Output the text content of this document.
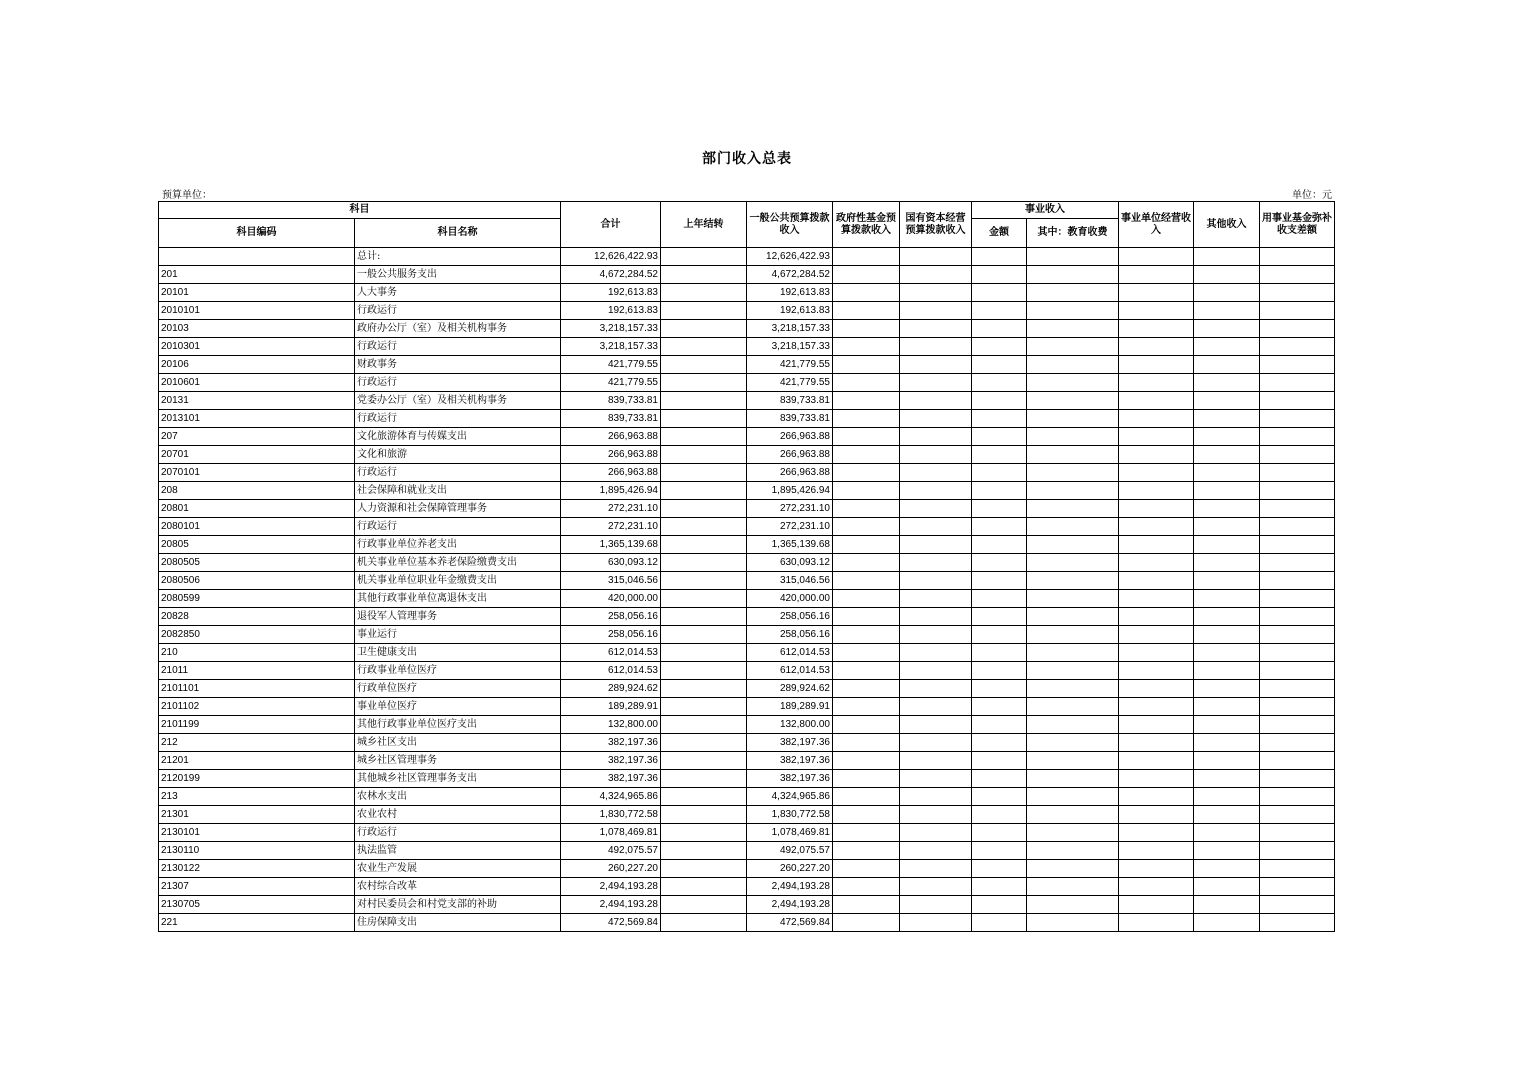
部门收入总表
预算单位：	单位：元
科目		合计	上年结转	一般公共预算拨款收入	政府性基金预算拨款收入	国有资本经营预算拨款收入	事业收入		事业单位经营收入	其他收入	用事业基金弥补收支差额
科目编码	科目名称						金额	其中：教育收费			
	总计:	12,626,422.93		12,626,422.93							
201	一般公共服务支出	4,672,284.52		4,672,284.52							
20101	人大事务	192,613.83		192,613.83							
2010101	行政运行	192,613.83		192,613.83							
20103	政府办公厅（室）及相关机构事务	3,218,157.33		3,218,157.33							
2010301	行政运行	3,218,157.33		3,218,157.33							
20106	财政事务	421,779.55		421,779.55							
2010601	行政运行	421,779.55		421,779.55							
20131	党委办公厅（室）及相关机构事务	839,733.81		839,733.81							
2013101	行政运行	839,733.81		839,733.81							
207	文化旅游体育与传媒支出	266,963.88		266,963.88							
20701	文化和旅游	266,963.88		266,963.88							
2070101	行政运行	266,963.88		266,963.88							
208	社会保障和就业支出	1,895,426.94		1,895,426.94							
20801	人力资源和社会保障管理事务	272,231.10		272,231.10							
2080101	行政运行	272,231.10		272,231.10							
20805	行政事业单位养老支出	1,365,139.68		1,365,139.68							
2080505	机关事业单位基本养老保险缴费支出	630,093.12		630,093.12							
2080506	机关事业单位职业年金缴费支出	315,046.56		315,046.56							
2080599	其他行政事业单位离退休支出	420,000.00		420,000.00							
20828	退役军人管理事务	258,056.16		258,056.16							
2082850	事业运行	258,056.16		258,056.16							
210	卫生健康支出	612,014.53		612,014.53							
21011	行政事业单位医疗	612,014.53		612,014.53							
2101101	行政单位医疗	289,924.62		289,924.62							
2101102	事业单位医疗	189,289.91		189,289.91							
2101199	其他行政事业单位医疗支出	132,800.00		132,800.00							
212	城乡社区支出	382,197.36		382,197.36							
21201	城乡社区管理事务	382,197.36		382,197.36							
2120199	其他城乡社区管理事务支出	382,197.36		382,197.36							
213	农林水支出	4,324,965.86		4,324,965.86							
21301	农业农村	1,830,772.58		1,830,772.58							
2130101	行政运行	1,078,469.81		1,078,469.81							
2130110	执法监管	492,075.57		492,075.57							
2130122	农业生产发展	260,227.20		260,227.20							
21307	农村综合改革	2,494,193.28		2,494,193.28							
2130705	对村民委员会和村党支部的补助	2,494,193.28		2,494,193.28							
221	住房保障支出	472,569.84		472,569.84							
